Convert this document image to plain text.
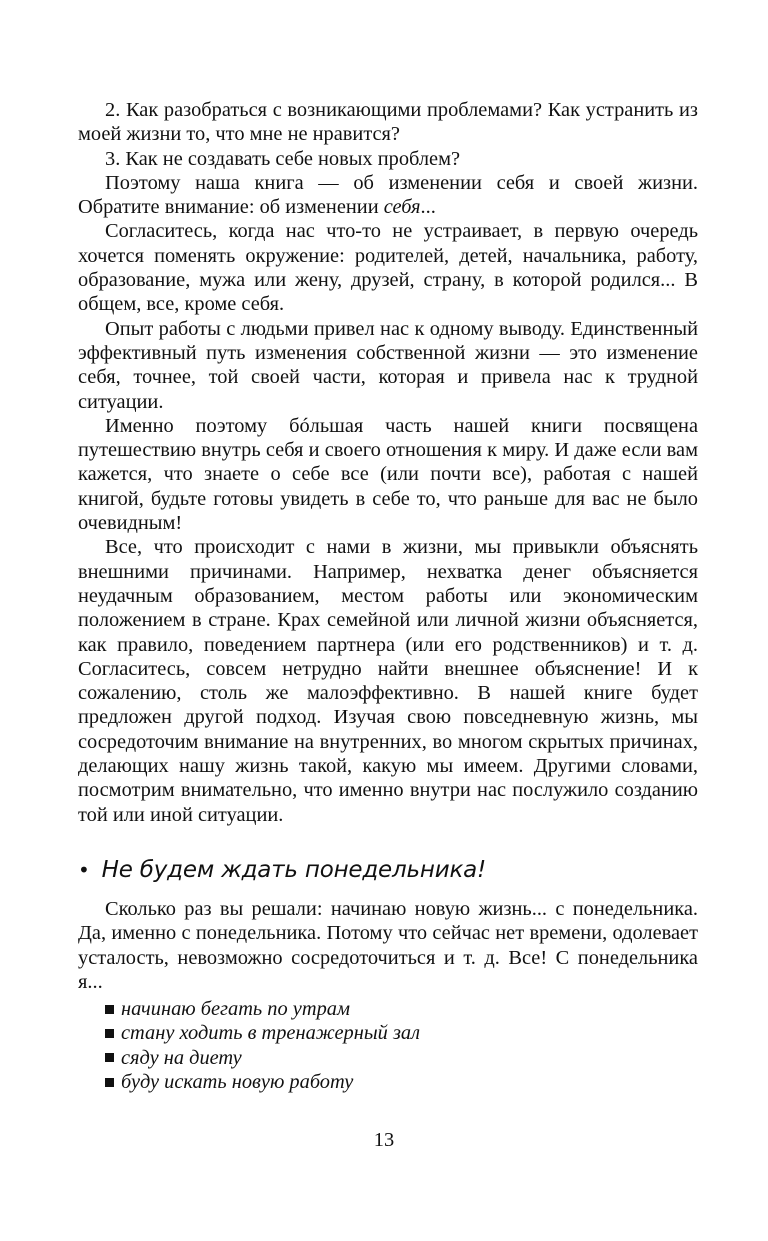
2. Как разобраться с возникающими проблемами? Как устранить из моей жизни то, что мне не нравится?

3. Как не создавать себе новых проблем?

Поэтому наша книга — об изменении себя и своей жизни. Обратите внимание: об изменении себя...

Согласитесь, когда нас что-то не устраивает, в первую очередь хочется поменять окружение: родителей, детей, начальника, работу, образование, мужа или жену, друзей, страну, в которой родился... В общем, все, кроме себя.

Опыт работы с людьми привел нас к одному выводу. Единственный эффективный путь изменения собственной жизни — это изменение себя, точнее, той своей части, которая и привела нас к трудной ситуации.

Именно поэтому бóльшая часть нашей книги посвящена путешествию внутрь себя и своего отношения к миру. И даже если вам кажется, что знаете о себе все (или почти все), работая с нашей книгой, будьте готовы увидеть в себе то, что раньше для вас не было очевидным!

Все, что происходит с нами в жизни, мы привыкли объяснять внешними причинами. Например, нехватка денег объясняется неудачным образованием, местом работы или экономическим положением в стране. Крах семейной или личной жизни объясняется, как правило, поведением партнера (или его родственников) и т. д. Согласитесь, совсем нетрудно найти внешнее объяснение! И к сожалению, столь же малоэффективно. В нашей книге будет предложен другой подход. Изучая свою повседневную жизнь, мы сосредоточим внимание на внутренних, во многом скрытых причинах, делающих нашу жизнь такой, какую мы имеем. Другими словами, посмотрим внимательно, что именно внутри нас послужило созданию той или иной ситуации.

• Не будем ждать понедельника!

Сколько раз вы решали: начинаю новую жизнь... с понедельника. Да, именно с понедельника. Потому что сейчас нет времени, одолевает усталость, невозможно сосредоточиться и т. д. Все! С понедельника я...

начинаю бегать по утрам
стану ходить в тренажерный зал
сяду на диету
буду искать новую работу
13
